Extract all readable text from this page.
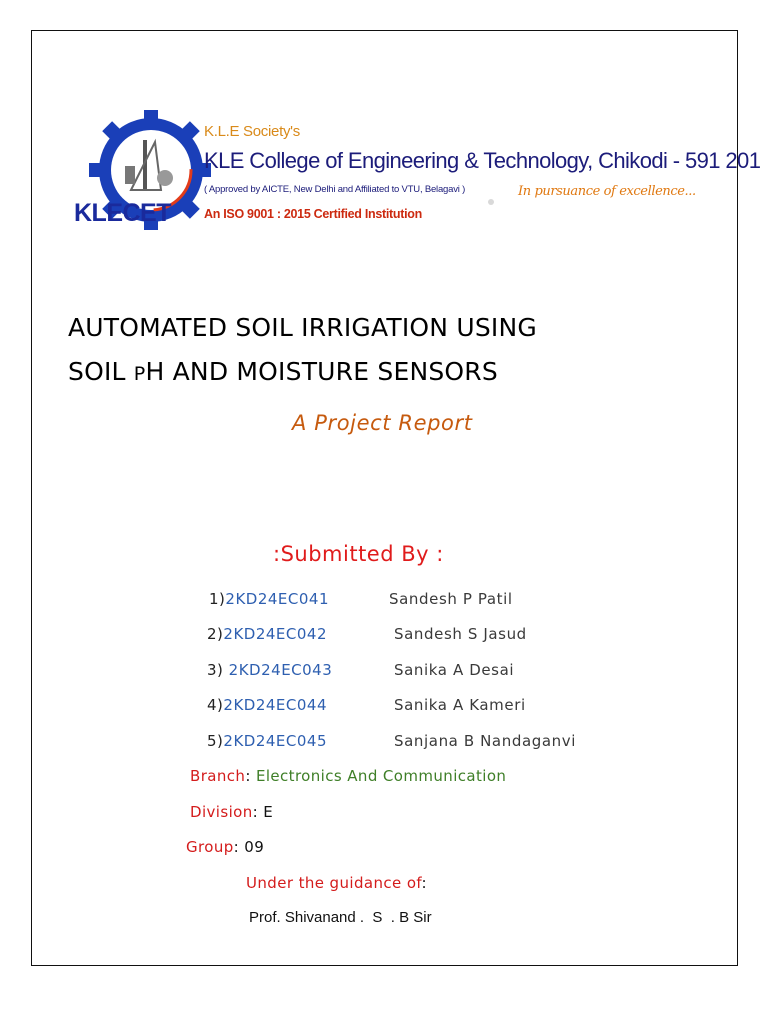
KLECET
K.L.E Society's
KLE College of Engineering & Technology, Chikodi - 591 201
( Approved by AICTE, New Delhi and Affiliated to VTU, Belagavi )
An ISO 9001 : 2015 Certified Institution
In pursuance of excellence...
AUTOMATED SOIL IRRIGATION USING
SOIL PH AND MOISTURE SENSORS
A Project Report
:Submitted By :
1)2KD24EC041	Sandesh P Patil
2)2KD24EC042	Sandesh S Jasud
3) 2KD24EC043	Sanika A Desai
4)2KD24EC044	Sanika A Kameri
5)2KD24EC045	Sanjana B Nandaganvi
Branch: Electronics And Communication
Division: E
Group: 09
Under the guidance of:
Prof. Shivanand .  S  . B Sir
